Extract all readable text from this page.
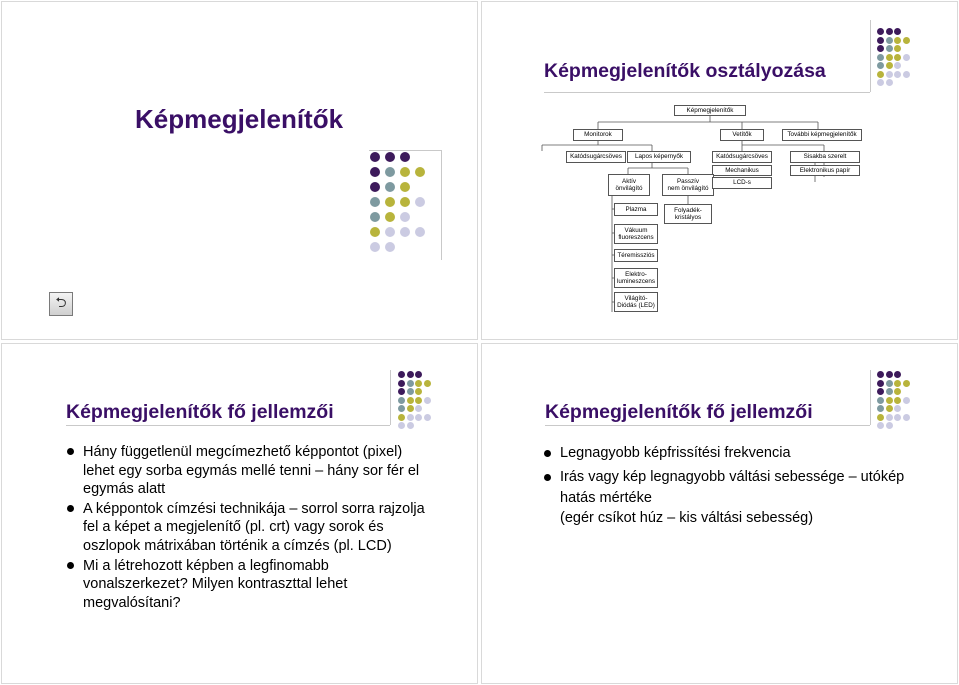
Képmegjelenítők
⮌
Képmegjelenítők osztályozása
Képmegjelenítők
Monitorok	Vetítők	További képmegjelenítők
Katódsugárcsöves	Lapos képernyők	Katódsugárcsöves	Sisakba szerelt
Mechanikus	Elektronikus papír
Aktív
önvilágító
Passzív
nem önvilágító
LCD-s
Plazma	Folyadék-
kristályos
Vákuum
fluoreszcens
Téremissziós
Elektro-
lumineszcens
Világító-
Diódás (LED)
Képmegjelenítők fő jellemzői
Hány függetlenül megcímezhető képpontot (pixel) lehet egy sorba egymás mellé tenni – hány sor fér el egymás alatt
A képpontok címzési technikája – sorrol sorra rajzolja fel a képet a megjelenítő (pl. crt) vagy sorok és oszlopok mátrixában történik a címzés (pl. LCD)
Mi a létrehozott képben a legfinomabb vonalszerkezet? Milyen kontraszttal lehet megvalósítani?
Képmegjelenítők fő jellemzői
Legnagyobb képfrissítési frekvencia
Irás vagy kép legnagyobb váltási sebessége – utókép hatás mértéke
(egér csíkot húz – kis váltási sebesség)
